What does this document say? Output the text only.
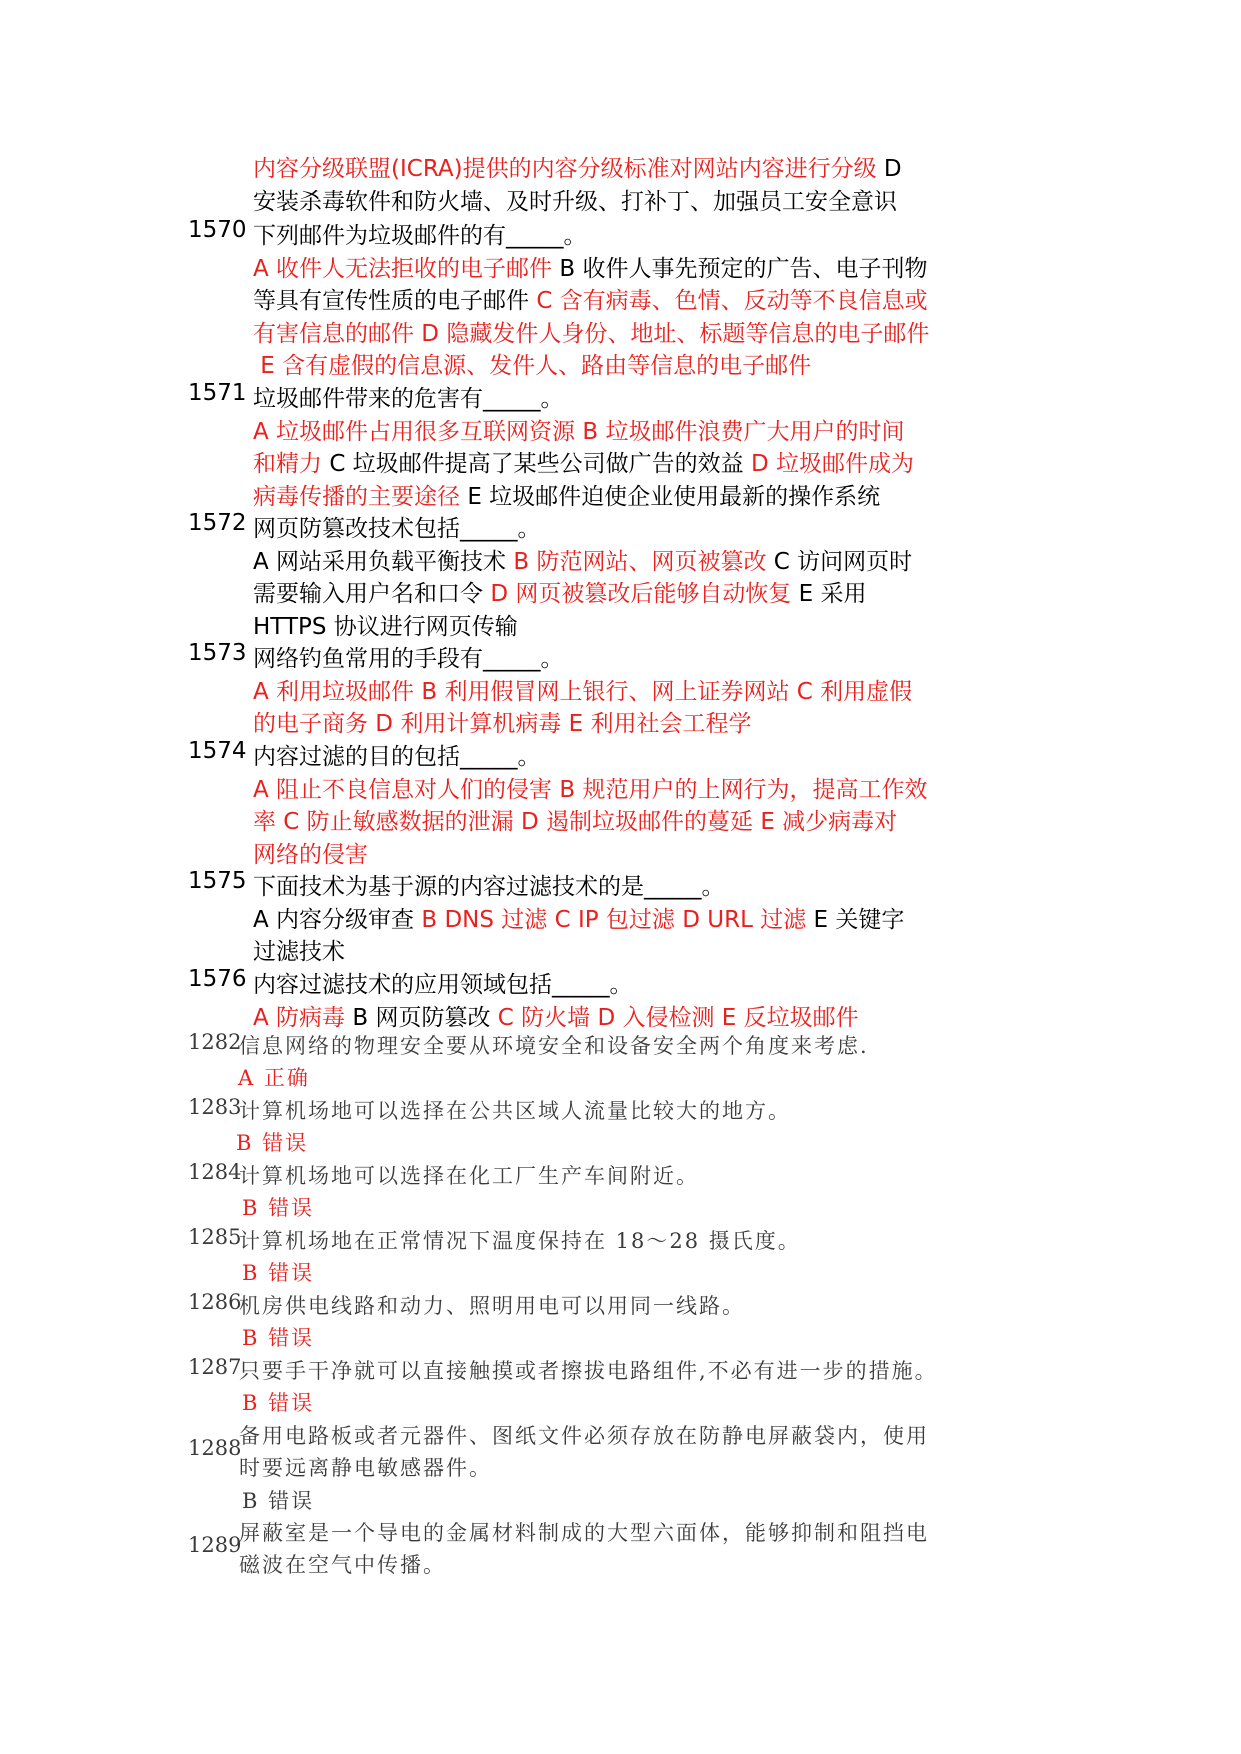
内容分级联盟(ICRA)提供的内容分级标准对网站内容进行分级 D
安装杀毒软件和防火墙、及时升级、打补丁、加强员工安全意识
1570 下列邮件为垃圾邮件的有_____。
A 收件人无法拒收的电子邮件 B 收件人事先预定的广告、电子刊物
等具有宣传性质的电子邮件 C 含有病毒、色情、反动等不良信息或
有害信息的邮件 D 隐藏发件人身份、地址、标题等信息的电子邮件
E 含有虚假的信息源、发件人、路由等信息的电子邮件
1571 垃圾邮件带来的危害有_____。
A 垃圾邮件占用很多互联网资源 B 垃圾邮件浪费广大用户的时间
和精力 C 垃圾邮件提高了某些公司做广告的效益 D 垃圾邮件成为
病毒传播的主要途径 E 垃圾邮件迫使企业使用最新的操作系统
1572 网页防篡改技术包括_____。
A 网站采用负载平衡技术 B 防范网站、网页被篡改 C 访问网页时
需要输入用户名和口令 D 网页被篡改后能够自动恢复 E 采用
HTTPS 协议进行网页传输
1573 网络钓鱼常用的手段有_____。
A 利用垃圾邮件 B 利用假冒网上银行、网上证券网站 C 利用虚假
的电子商务 D 利用计算机病毒 E 利用社会工程学
1574 内容过滤的目的包括_____。
A 阻止不良信息对人们的侵害 B 规范用户的上网行为，提高工作效
率 C 防止敏感数据的泄漏 D 遏制垃圾邮件的蔓延 E 减少病毒对
网络的侵害
1575 下面技术为基于源的内容过滤技术的是_____。
A 内容分级审查 B DNS 过滤 C IP 包过滤 D URL 过滤 E 关键字
过滤技术
1576 内容过滤技术的应用领域包括_____。
A 防病毒 B 网页防篡改 C 防火墙 D 入侵检测 E 反垃圾邮件
1282
信息网络的物理安全要从环境安全和设备安全两个角度来考虑.
A 正确
1283
计算机场地可以选择在公共区域人流量比较大的地方。
B 错误
1284
计算机场地可以选择在化工厂生产车间附近。
B 错误
1285
计算机场地在正常情况下温度保持在 18～28 摄氏度。
B 错误
1286
机房供电线路和动力、照明用电可以用同一线路。
B 错误
1287
只要手干净就可以直接触摸或者擦拔电路组件,不必有进一步的措施。
B 错误
1288
备用电路板或者元器件、图纸文件必须存放在防静电屏蔽袋内，使用
时要远离静电敏感器件。
B 错误
1289
屏蔽室是一个导电的金属材料制成的大型六面体，能够抑制和阻挡电
磁波在空气中传播。
